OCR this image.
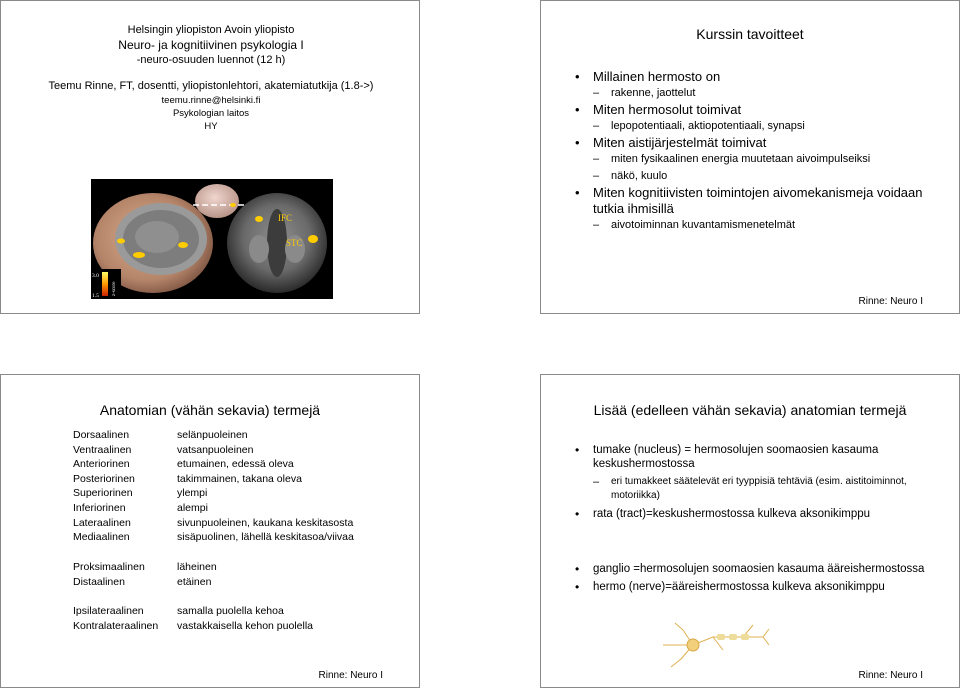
Helsingin yliopiston Avoin yliopisto
Neuro- ja kognitiivinen psykologia I
-neuro-osuuden luennot (12 h)
Teemu Rinne, FT, dosentti, yliopistonlehtori, akatemiatutkija (1.8->)
teemu.rinne@helsinki.fi
Psykologian laitos
HY
IFC
STC
3.0
1.5	z-score
Kurssin tavoitteet
• Millainen hermosto on
– rakenne, jaottelut
• Miten hermosolut toimivat
– lepopotentiaali, aktiopotentiaali, synapsi
• Miten aistijärjestelmät toimivat
– miten fysikaalinen energia muutetaan aivoimpulseiksi
– näkö, kuulo
• Miten kognitiivisten toimintojen aivomekanismeja voidaan tutkia ihmisillä
– aivotoiminnan kuvantamismenetelmät
Rinne: Neuro I
Anatomian (vähän sekavia) termejä
Dorsaalinen	selänpuoleinen
Ventraalinen	vatsanpuoleinen
Anteriorinen	etumainen, edessä oleva
Posteriorinen	takimmainen, takana oleva
Superiorinen	ylempi
Inferiorinen	alempi
Lateraalinen	sivunpuoleinen, kaukana keskitasosta
Mediaalinen	sisäpuolinen, lähellä keskitasoa/viivaa
Proksimaalinen	läheinen
Distaalinen	etäinen
Ipsilateraalinen	samalla puolella kehoa
Kontralateraalinen	vastakkaisella kehon puolella
Rinne: Neuro I
Lisää (edelleen vähän sekavia) anatomian termejä
• tumake (nucleus) = hermosolujen soomaosien kasauma keskushermostossa
– eri tumakkeet säätelevät eri tyyppisiä tehtäviä (esim. aistitoiminnot, motoriikka)
• rata (tract)=keskushermostossa kulkeva aksonikimppu
• ganglio =hermosolujen soomaosien kasauma ääreishermostossa
• hermo (nerve)=ääreishermostossa kulkeva aksonikimppu
Rinne: Neuro I
